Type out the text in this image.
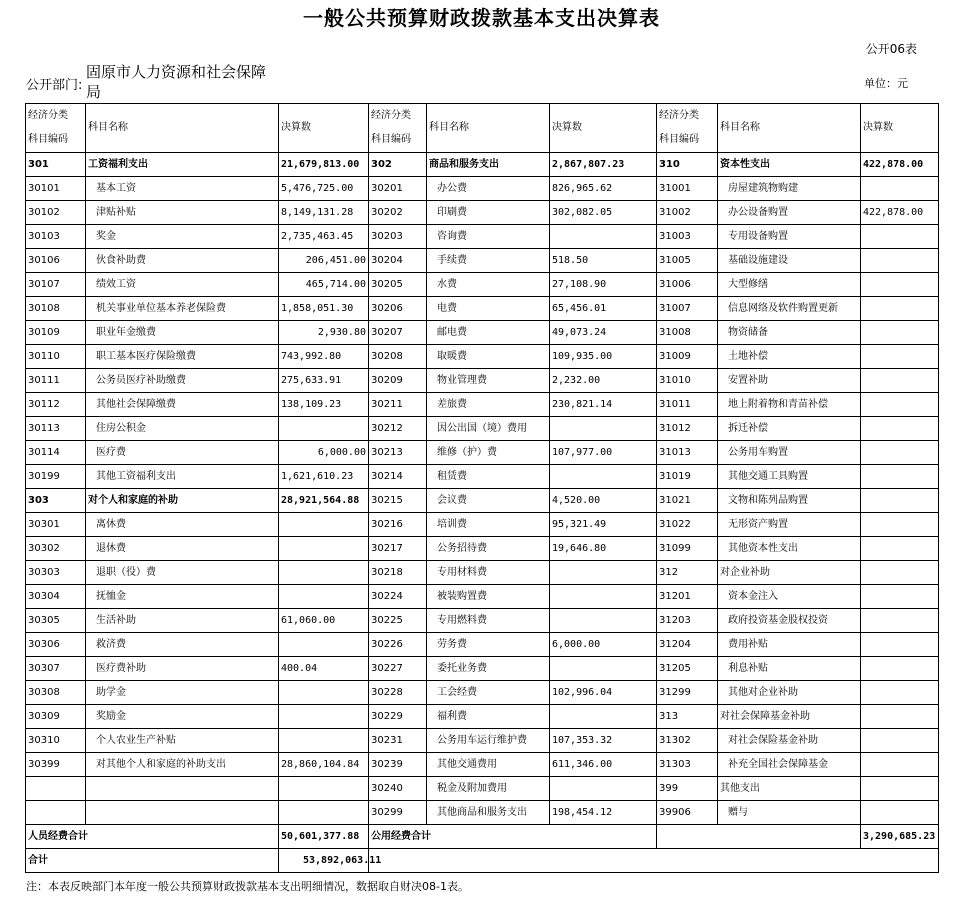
一般公共预算财政拨款基本支出决算表
公开06表
公开部门:
固原市人力资源和社会保障局	单位：元
经济分类
科目编码	科目名称	决算数	经济分类
科目编码	科目名称	决算数	经济分类
科目编码	科目名称	决算数
301	工资福利支出	21,679,813.00	302	商品和服务支出	2,867,807.23	310	资本性支出	422,878.00
30101	基本工资	5,476,725.00	30201	办公费	826,965.62	31001	房屋建筑物购建	
30102	津贴补贴	8,149,131.28	30202	印刷费	302,082.05	31002	办公设备购置	422,878.00
30103	奖金	2,735,463.45	30203	咨询费		31003	专用设备购置	
30106	伙食补助费	206,451.00	30204	手续费	518.50	31005	基础设施建设	
30107	绩效工资	465,714.00	30205	水费	27,108.90	31006	大型修缮	
30108	机关事业单位基本养老保险费	1,858,051.30	30206	电费	65,456.01	31007	信息网络及软件购置更新	
30109	职业年金缴费	2,930.80	30207	邮电费	49,073.24	31008	物资储备	
30110	职工基本医疗保险缴费	743,992.80	30208	取暖费	109,935.00	31009	土地补偿	
30111	公务员医疗补助缴费	275,633.91	30209	物业管理费	2,232.00	31010	安置补助	
30112	其他社会保障缴费	138,109.23	30211	差旅费	230,821.14	31011	地上附着物和青苗补偿	
30113	住房公积金		30212	因公出国（境）费用		31012	拆迁补偿	
30114	医疗费	6,000.00	30213	维修（护）费	107,977.00	31013	公务用车购置	
30199	其他工资福利支出	1,621,610.23	30214	租赁费		31019	其他交通工具购置	
303	对个人和家庭的补助	28,921,564.88	30215	会议费	4,520.00	31021	文物和陈列品购置	
30301	离休费		30216	培训费	95,321.49	31022	无形资产购置	
30302	退休费		30217	公务招待费	19,646.80	31099	其他资本性支出	
30303	退职（役）费		30218	专用材料费		312	对企业补助	
30304	抚恤金		30224	被装购置费		31201	资本金注入	
30305	生活补助	61,060.00	30225	专用燃料费		31203	政府投资基金股权投资	
30306	救济费		30226	劳务费	6,000.00	31204	费用补贴	
30307	医疗费补助	400.04	30227	委托业务费		31205	利息补贴	
30308	助学金		30228	工会经费	102,996.04	31299	其他对企业补助	
30309	奖励金		30229	福利费		313	对社会保障基金补助	
30310	个人农业生产补贴		30231	公务用车运行维护费	107,353.32	31302	对社会保险基金补助	
30399	对其他个人和家庭的补助支出	28,860,104.84	30239	其他交通费用	611,346.00	31303	补充全国社会保障基金	
			30240	税金及附加费用		399	其他支出	
			30299	其他商品和服务支出	198,454.12	39906	赠与	
人员经费合计		50,601,377.88	公用经费合计					3,290,685.23
合计		53,892,063.11						
注：本表反映部门本年度一般公共预算财政拨款基本支出明细情况，数据取自财决08-1表。
